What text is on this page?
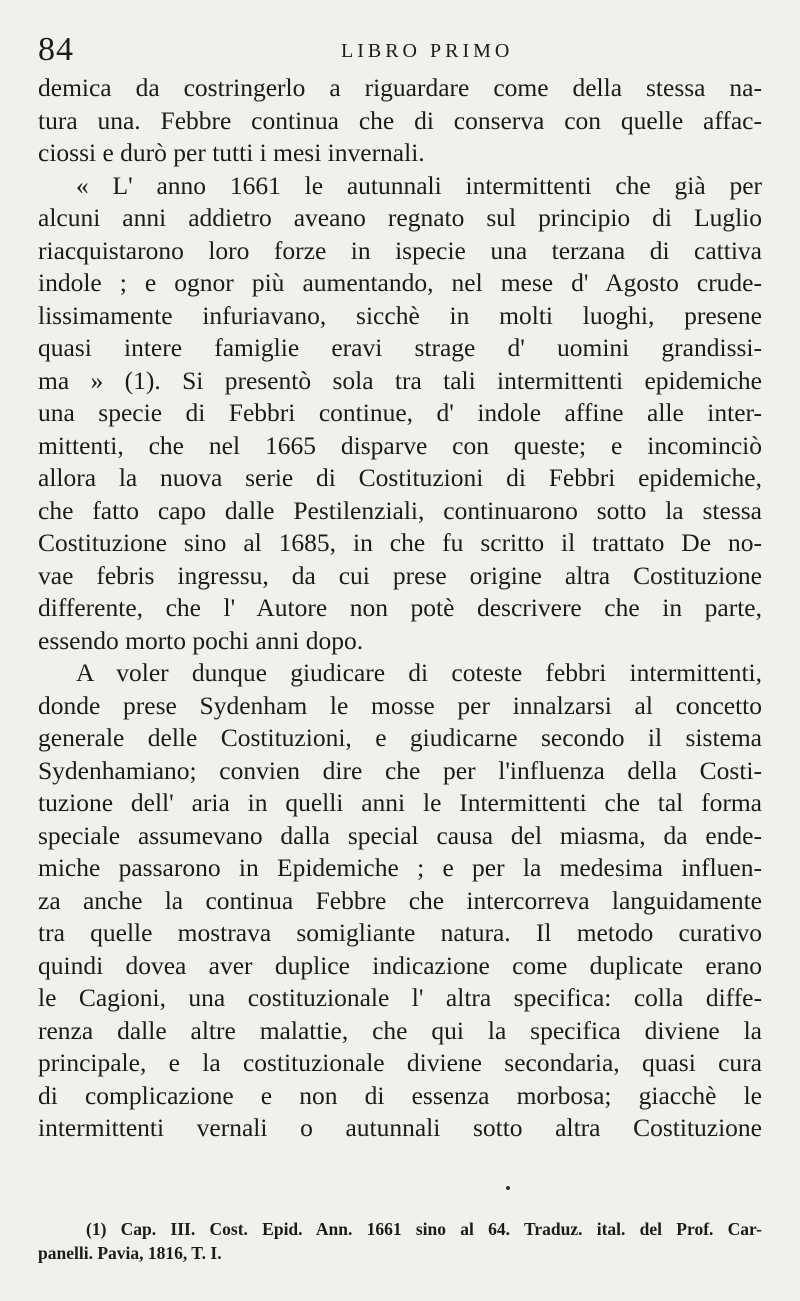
84	LIBRO PRIMO
demica da costringerlo a riguardare come della stessa na-
tura una. Febbre continua che di conserva con quelle affac-
ciossi e durò per tutti i mesi invernali.
« L' anno 1661 le autunnali intermittenti che già per
alcuni anni addietro aveano regnato sul principio di Luglio
riacquistarono loro forze in ispecie una terzana di cattiva
indole ; e ognor più aumentando, nel mese d' Agosto crude-
lissimamente infuriavano, sicchè in molti luoghi, presene
quasi intere famiglie eravi strage d' uomini grandissi-
ma » (1). Si presentò sola tra tali intermittenti epidemiche
una specie di Febbri continue, d' indole affine alle inter-
mittenti, che nel 1665 disparve con queste; e incominciò
allora la nuova serie di Costituzioni di Febbri epidemiche,
che fatto capo dalle Pestilenziali, continuarono sotto la stessa
Costituzione sino al 1685, in che fu scritto il trattato De no-
vae febris ingressu, da cui prese origine altra Costituzione
differente, che l' Autore non potè descrivere che in parte,
essendo morto pochi anni dopo.
A voler dunque giudicare di coteste febbri intermittenti,
donde prese Sydenham le mosse per innalzarsi al concetto
generale delle Costituzioni, e giudicarne secondo il sistema
Sydenhamiano; convien dire che per l'influenza della Costi-
tuzione dell' aria in quelli anni le Intermittenti che tal forma
speciale assumevano dalla special causa del miasma, da ende-
miche passarono in Epidemiche ; e per la medesima influen-
za anche la continua Febbre che intercorreva languidamente
tra quelle mostrava somigliante natura. Il metodo curativo
quindi dovea aver duplice indicazione come duplicate erano
le Cagioni, una costituzionale l' altra specifica: colla diffe-
renza dalle altre malattie, che qui la specifica diviene la
principale, e la costituzionale diviene secondaria, quasi cura
di complicazione e non di essenza morbosa; giacchè le
intermittenti vernali o autunnali sotto altra Costituzione
(1) Cap. III. Cost. Epid. Ann. 1661 sino al 64. Traduz. ital. del Prof. Car-
panelli. Pavia, 1816, T. I.
